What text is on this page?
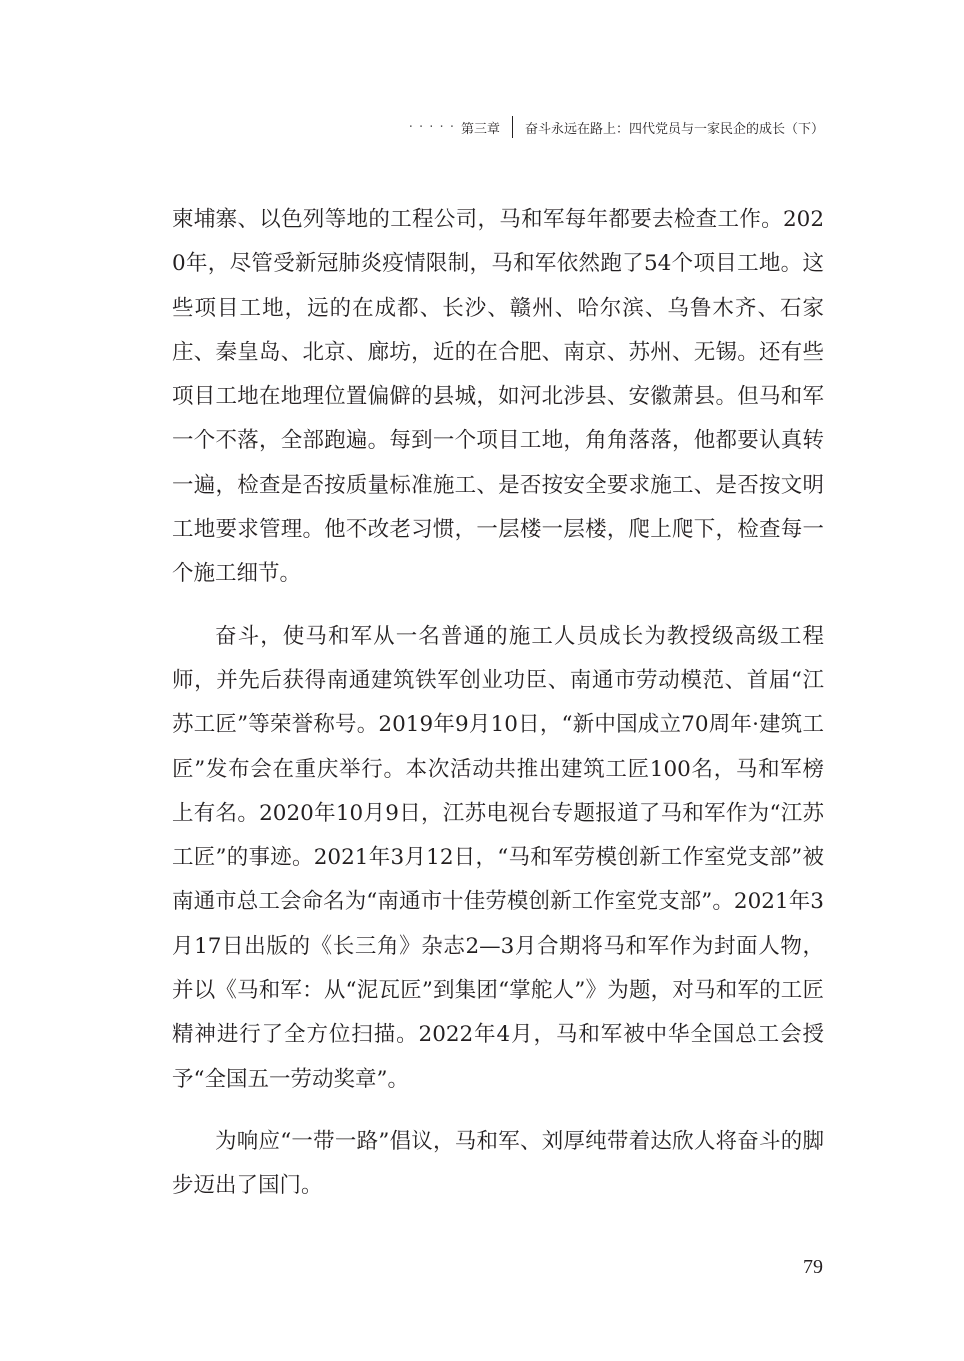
· · · · · 第三章 奋斗永远在路上：四代党员与一家民企的成长（下）

柬埔寨、以色列等地的工程公司，马和军每年都要去检查工作。2020年，尽管受新冠肺炎疫情限制，马和军依然跑了54个项目工地。这些项目工地，远的在成都、长沙、赣州、哈尔滨、乌鲁木齐、石家庄、秦皇岛、北京、廊坊，近的在合肥、南京、苏州、无锡。还有些项目工地在地理位置偏僻的县城，如河北涉县、安徽萧县。但马和军一个不落，全部跑遍。每到一个项目工地，角角落落，他都要认真转一遍，检查是否按质量标准施工、是否按安全要求施工、是否按文明工地要求管理。他不改老习惯，一层楼一层楼，爬上爬下，检查每一个施工细节。

奋斗，使马和军从一名普通的施工人员成长为教授级高级工程师，并先后获得南通建筑铁军创业功臣、南通市劳动模范、首届“江苏工匠”等荣誉称号。2019年9月10日，“新中国成立70周年·建筑工匠”发布会在重庆举行。本次活动共推出建筑工匠100名，马和军榜上有名。2020年10月9日，江苏电视台专题报道了马和军作为“江苏工匠”的事迹。2021年3月12日，“马和军劳模创新工作室党支部”被南通市总工会命名为“南通市十佳劳模创新工作室党支部”。2021年3月17日出版的《长三角》杂志2—3月合期将马和军作为封面人物，并以《马和军：从“泥瓦匠”到集团“掌舵人”》为题，对马和军的工匠精神进行了全方位扫描。2022年4月，马和军被中华全国总工会授予“全国五一劳动奖章”。

为响应“一带一路”倡议，马和军、刘厚纯带着达欣人将奋斗的脚步迈出了国门。

79
